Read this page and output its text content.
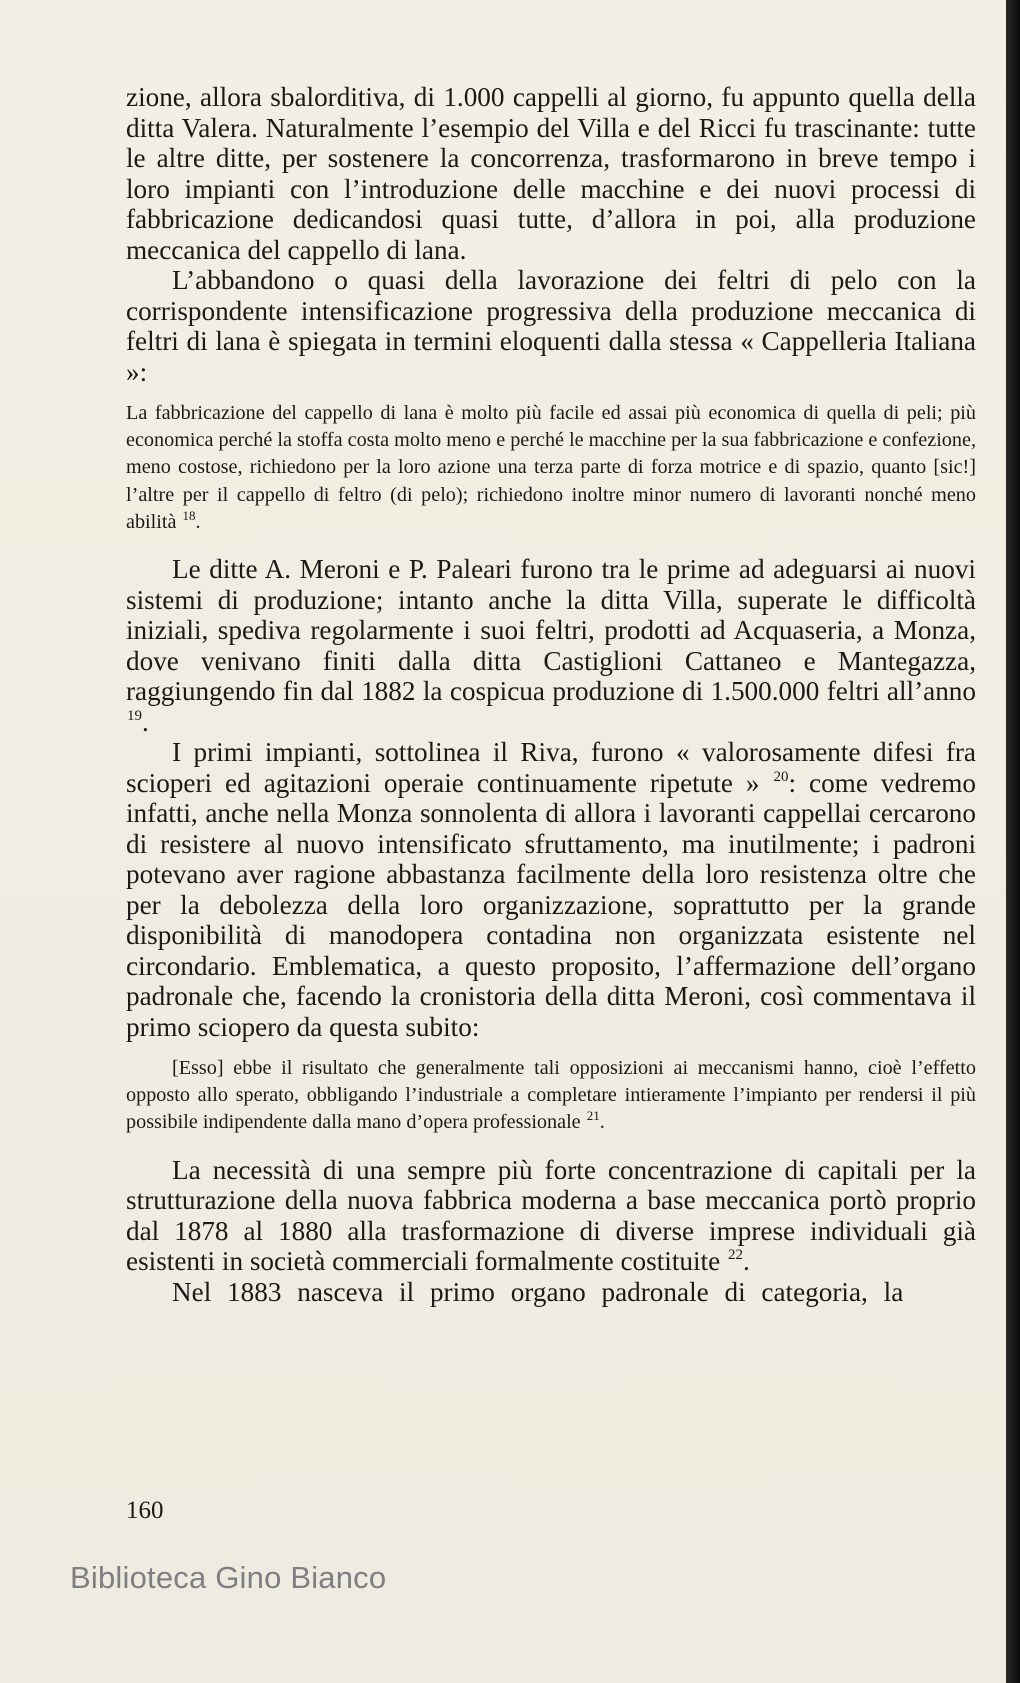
zione, allora sbalorditiva, di 1.000 cappelli al giorno, fu appunto quella della ditta Valera. Naturalmente l’esempio del Villa e del Ricci fu trascinante: tutte le altre ditte, per sostenere la concorrenza, trasformarono in breve tempo i loro impianti con l’introduzione delle macchine e dei nuovi processi di fabbricazione dedicandosi quasi tutte, d’allora in poi, alla produzione meccanica del cappello di lana.

L’abbandono o quasi della lavorazione dei feltri di pelo con la corrispondente intensificazione progressiva della produzione meccanica di feltri di lana è spiegata in termini eloquenti dalla stessa « Cappelleria Italiana »:

La fabbricazione del cappello di lana è molto più facile ed assai più economica di quella di peli; più economica perché la stoffa costa molto meno e perché le macchine per la sua fabbricazione e confezione, meno costose, richiedono per la loro azione una terza parte di forza motrice e di spazio, quanto [sic!] l’altre per il cappello di feltro (di pelo); richiedono inoltre minor numero di lavoranti nonché meno abilità $^{18}$.

Le ditte A. Meroni e P. Paleari furono tra le prime ad adeguarsi ai nuovi sistemi di produzione; intanto anche la ditta Villa, superate le difficoltà iniziali, spediva regolarmente i suoi feltri, prodotti ad Acquaseria, a Monza, dove venivano finiti dalla ditta Castiglioni Cattaneo e Mantegazza, raggiungendo fin dal 1882 la cospicua produzione di 1.500.000 feltri all’anno $^{19}$.

I primi impianti, sottolinea il Riva, furono « valorosamente difesi fra scioperi ed agitazioni operaie continuamente ripetute » $^{20}$: come vedremo infatti, anche nella Monza sonnolenta di allora i lavoranti cappellai cercarono di resistere al nuovo intensificato sfruttamento, ma inutilmente; i padroni potevano aver ragione abbastanza facilmente della loro resistenza oltre che per la debolezza della loro organizzazione, soprattutto per la grande disponibilità di manodopera contadina non organizzata esistente nel circondario. Emblematica, a questo proposito, l’affermazione dell’organo padronale che, facendo la cronistoria della ditta Meroni, così commentava il primo sciopero da questa subito:

[Esso] ebbe il risultato che generalmente tali opposizioni ai meccanismi hanno, cioè l’effetto opposto allo sperato, obbligando l’industriale a completare intieramente l’impianto per rendersi il più possibile indipendente dalla mano d’opera professionale $^{21}$.

La necessità di una sempre più forte concentrazione di capitali per la strutturazione della nuova fabbrica moderna a base meccanica portò proprio dal 1878 al 1880 alla trasformazione di diverse imprese individuali già esistenti in società commerciali formalmente costituite $^{22}$.

Nel 1883 nasceva il primo organo padronale di categoria, la

160
Biblioteca Gino Bianco
